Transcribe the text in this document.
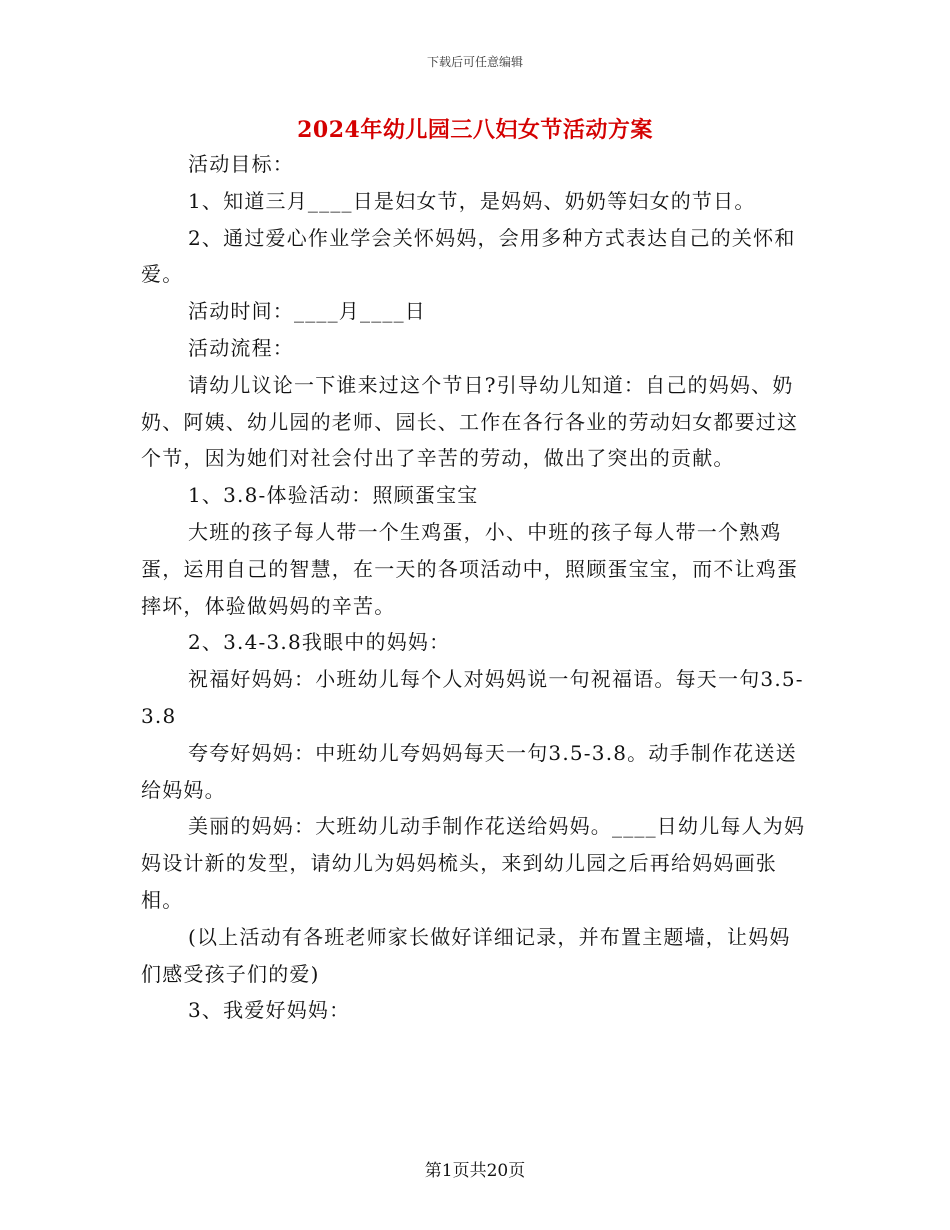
下载后可任意编辑
2024年幼儿园三八妇女节活动方案

活动目标：

1、知道三月____日是妇女节，是妈妈、奶奶等妇女的节日。

2、通过爱心作业学会关怀妈妈，会用多种方式表达自己的关怀和爱。

活动时间：____月____日

活动流程：

请幼儿议论一下谁来过这个节日?引导幼儿知道：自己的妈妈、奶奶、阿姨、幼儿园的老师、园长、工作在各行各业的劳动妇女都要过这个节，因为她们对社会付出了辛苦的劳动，做出了突出的贡献。

1、3.8-体验活动：照顾蛋宝宝

大班的孩子每人带一个生鸡蛋，小、中班的孩子每人带一个熟鸡蛋，运用自己的智慧，在一天的各项活动中，照顾蛋宝宝，而不让鸡蛋摔坏，体验做妈妈的辛苦。

2、3.4-3.8我眼中的妈妈：

祝福好妈妈：小班幼儿每个人对妈妈说一句祝福语。每天一句3.5-3.8

夸夸好妈妈：中班幼儿夸妈妈每天一句3.5-3.8。动手制作花送送给妈妈。

美丽的妈妈：大班幼儿动手制作花送给妈妈。____日幼儿每人为妈妈设计新的发型，请幼儿为妈妈梳头，来到幼儿园之后再给妈妈画张相。

(以上活动有各班老师家长做好详细记录，并布置主题墙，让妈妈们感受孩子们的爱)

3、我爱好妈妈：

第1页共20页
